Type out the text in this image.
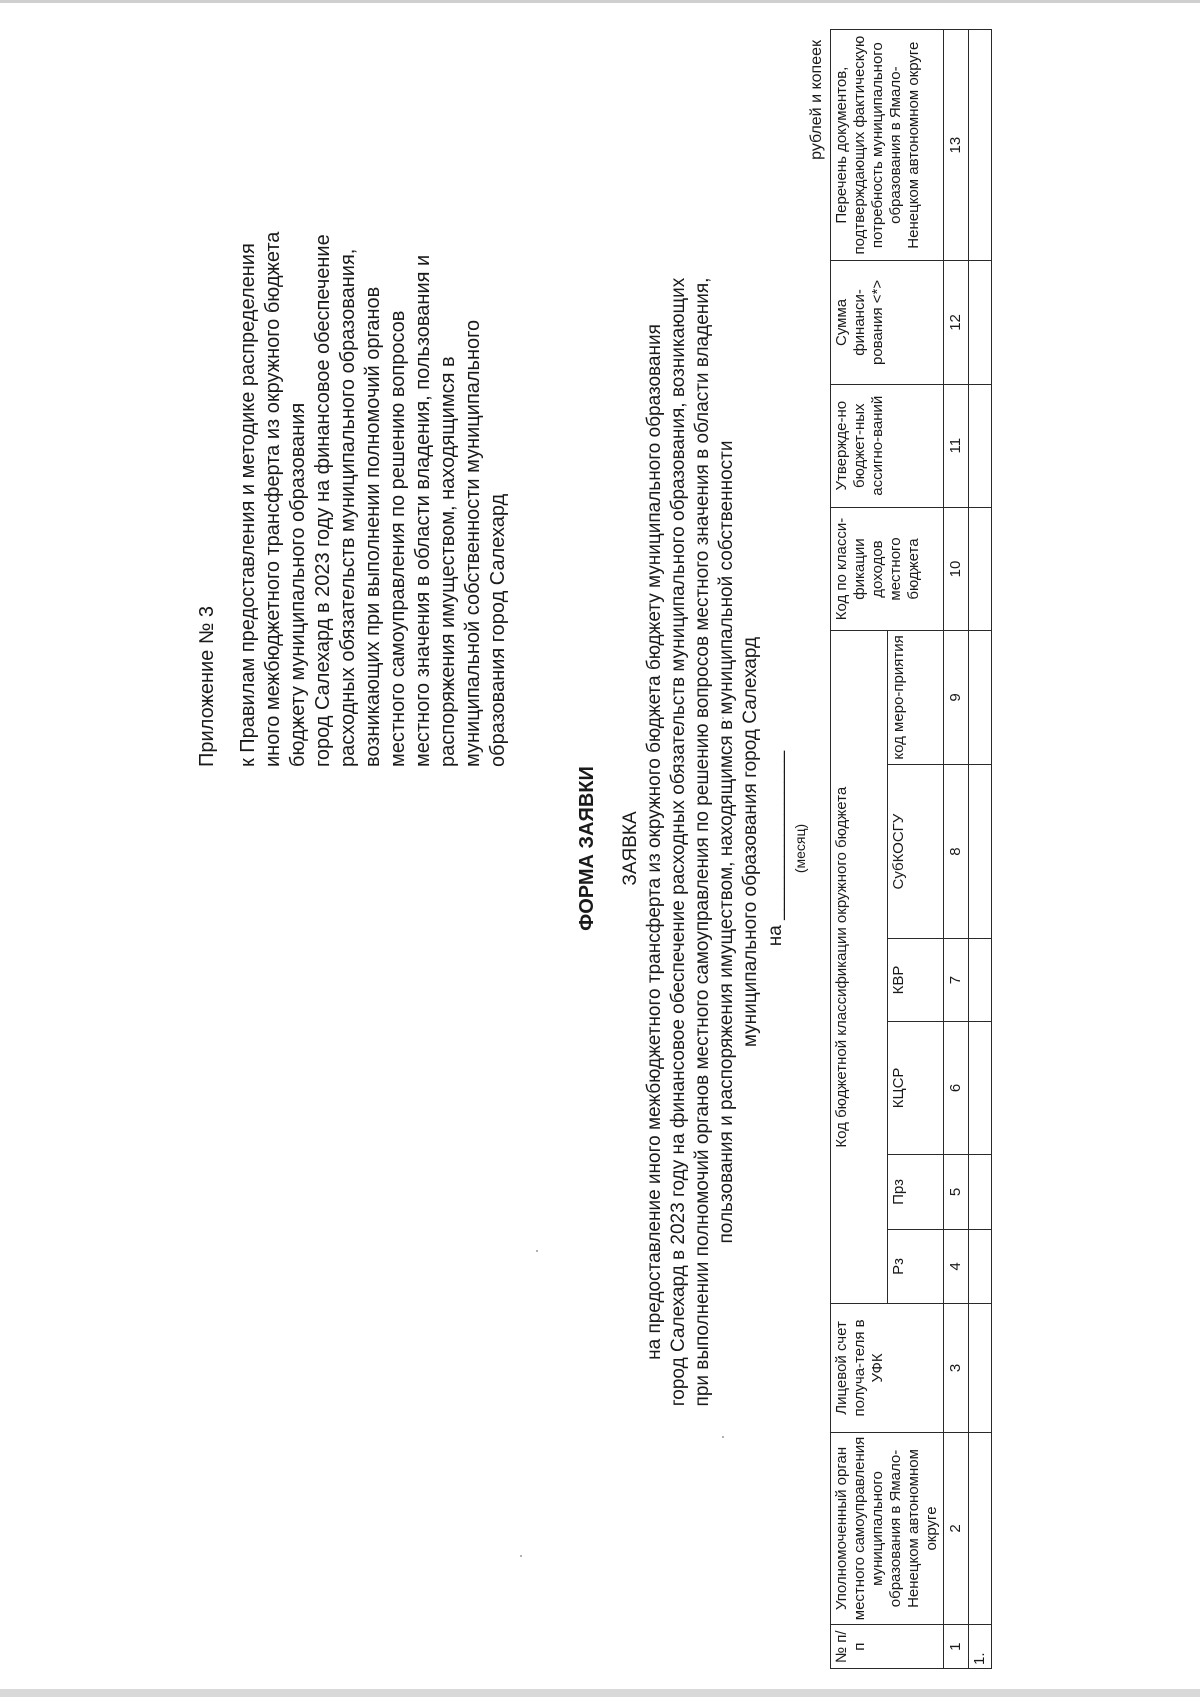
Приложение № 3 к Правилам предоставления и методике распределения иного межбюджетного трансферта из окружного бюджета бюджету муниципального образования город Салехард в 2023 году на финансовое обеспечение расходных обязательств муниципального образования, возникающих при выполнении полномочий органов местного самоуправления по решению вопросов местного значения в области владения, пользования и распоряжения имуществом, находящимся в муниципальной собственности муниципального образования город Салехард
ФОРМА ЗАЯВКИ ЗАЯВКА на предоставление иного межбюджетного трансферта из окружного бюджета бюджету муниципального образования город Салехард в 2023 году на финансовое обеспечение расходных обязательств муниципального образования, возникающих при выполнении полномочий органов местного самоуправления по решению вопросов местного значения в области владения, пользования и распоряжения имуществом, находящимся в муниципальной собственности муниципального образования город Салехард на ________________ (месяц)
рублей и копеек
№ п/п	Уполномоченный орган местного самоуправления муниципального образования в Ямало-Ненецком автономном округе	Лицевой счет получа-теля в УФК	Код бюджетной классификации окружного бюджета						Код по класси-фикации доходов местного бюджета	Утвержде-но бюджет-ных ассигно-ваний	Сумма финанси-рования <*>	Перечень документов, подтверждающих фактическую потребность муниципального образования в Ямало-Ненецком автономном округе
			Рз	Прз	КЦСР	КВР	СубКОСГУ	код меро-приятия				
1	2	3	4	5	6	7	8	9	10	11	12	13
1.												
